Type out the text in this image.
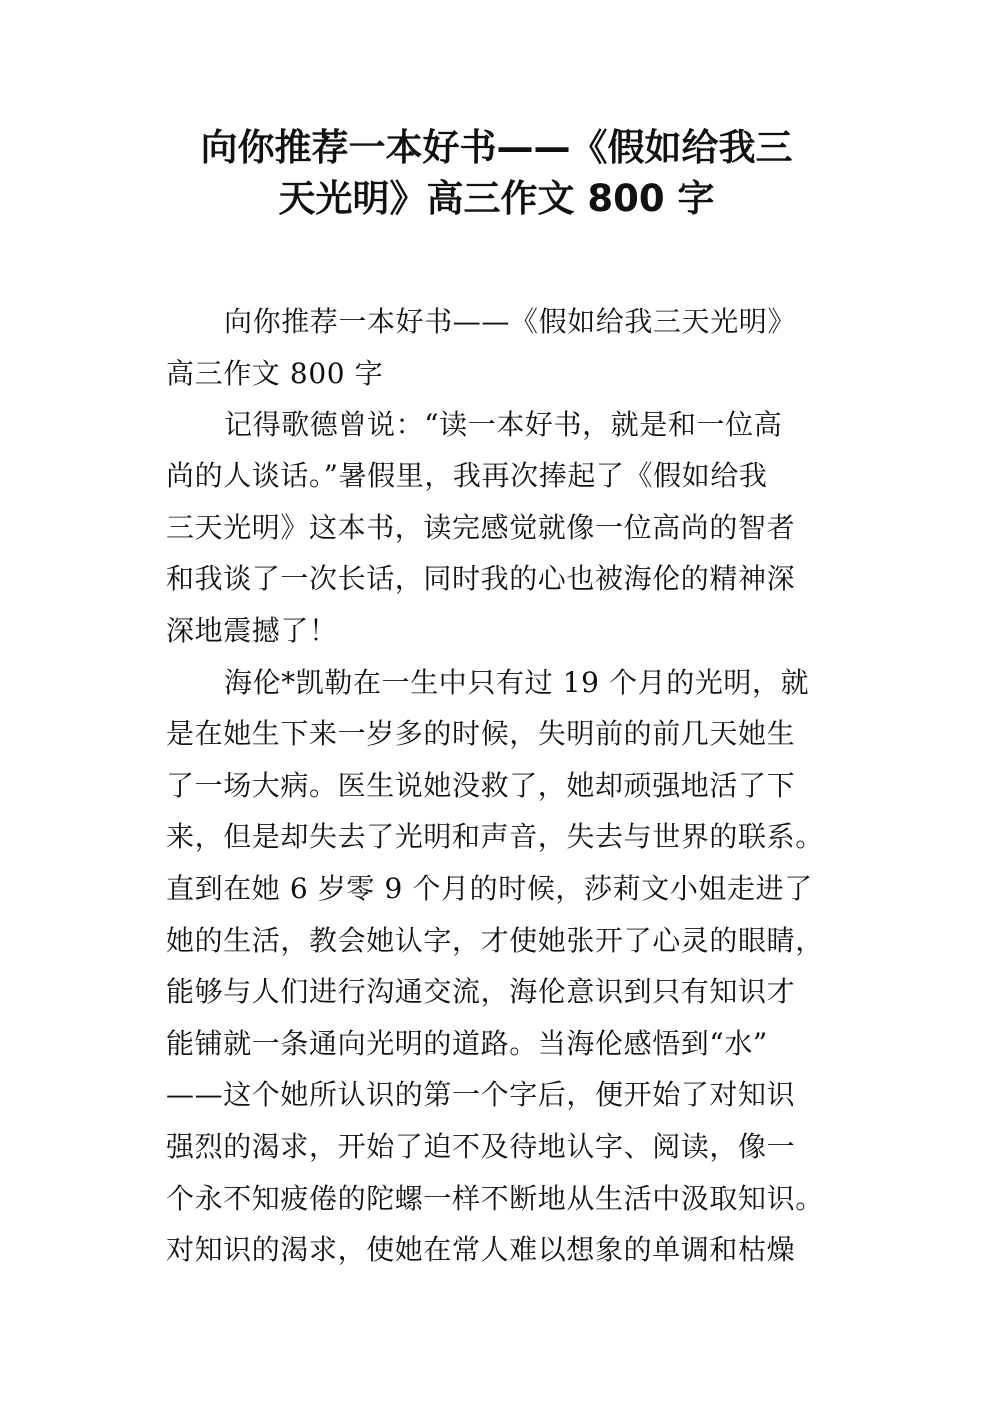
向你推荐一本好书——《假如给我三
天光明》高三作文 800 字
向你推荐一本好书——《假如给我三天光明》
高三作文 800 字
记得歌德曾说：“读一本好书，就是和一位高
尚的人谈话。”暑假里，我再次捧起了《假如给我
三天光明》这本书，读完感觉就像一位高尚的智者
和我谈了一次长话，同时我的心也被海伦的精神深
深地震撼了！
海伦*凯勒在一生中只有过 19 个月的光明，就
是在她生下来一岁多的时候，失明前的前几天她生
了一场大病。医生说她没救了，她却顽强地活了下
来，但是却失去了光明和声音，失去与世界的联系。
直到在她 6 岁零 9 个月的时候，莎莉文小姐走进了
她的生活，教会她认字，才使她张开了心灵的眼睛，
能够与人们进行沟通交流，海伦意识到只有知识才
能铺就一条通向光明的道路。当海伦感悟到“水”
——这个她所认识的第一个字后，便开始了对知识
强烈的渴求，开始了迫不及待地认字、阅读，像一
个永不知疲倦的陀螺一样不断地从生活中汲取知识。
对知识的渴求，使她在常人难以想象的单调和枯燥
